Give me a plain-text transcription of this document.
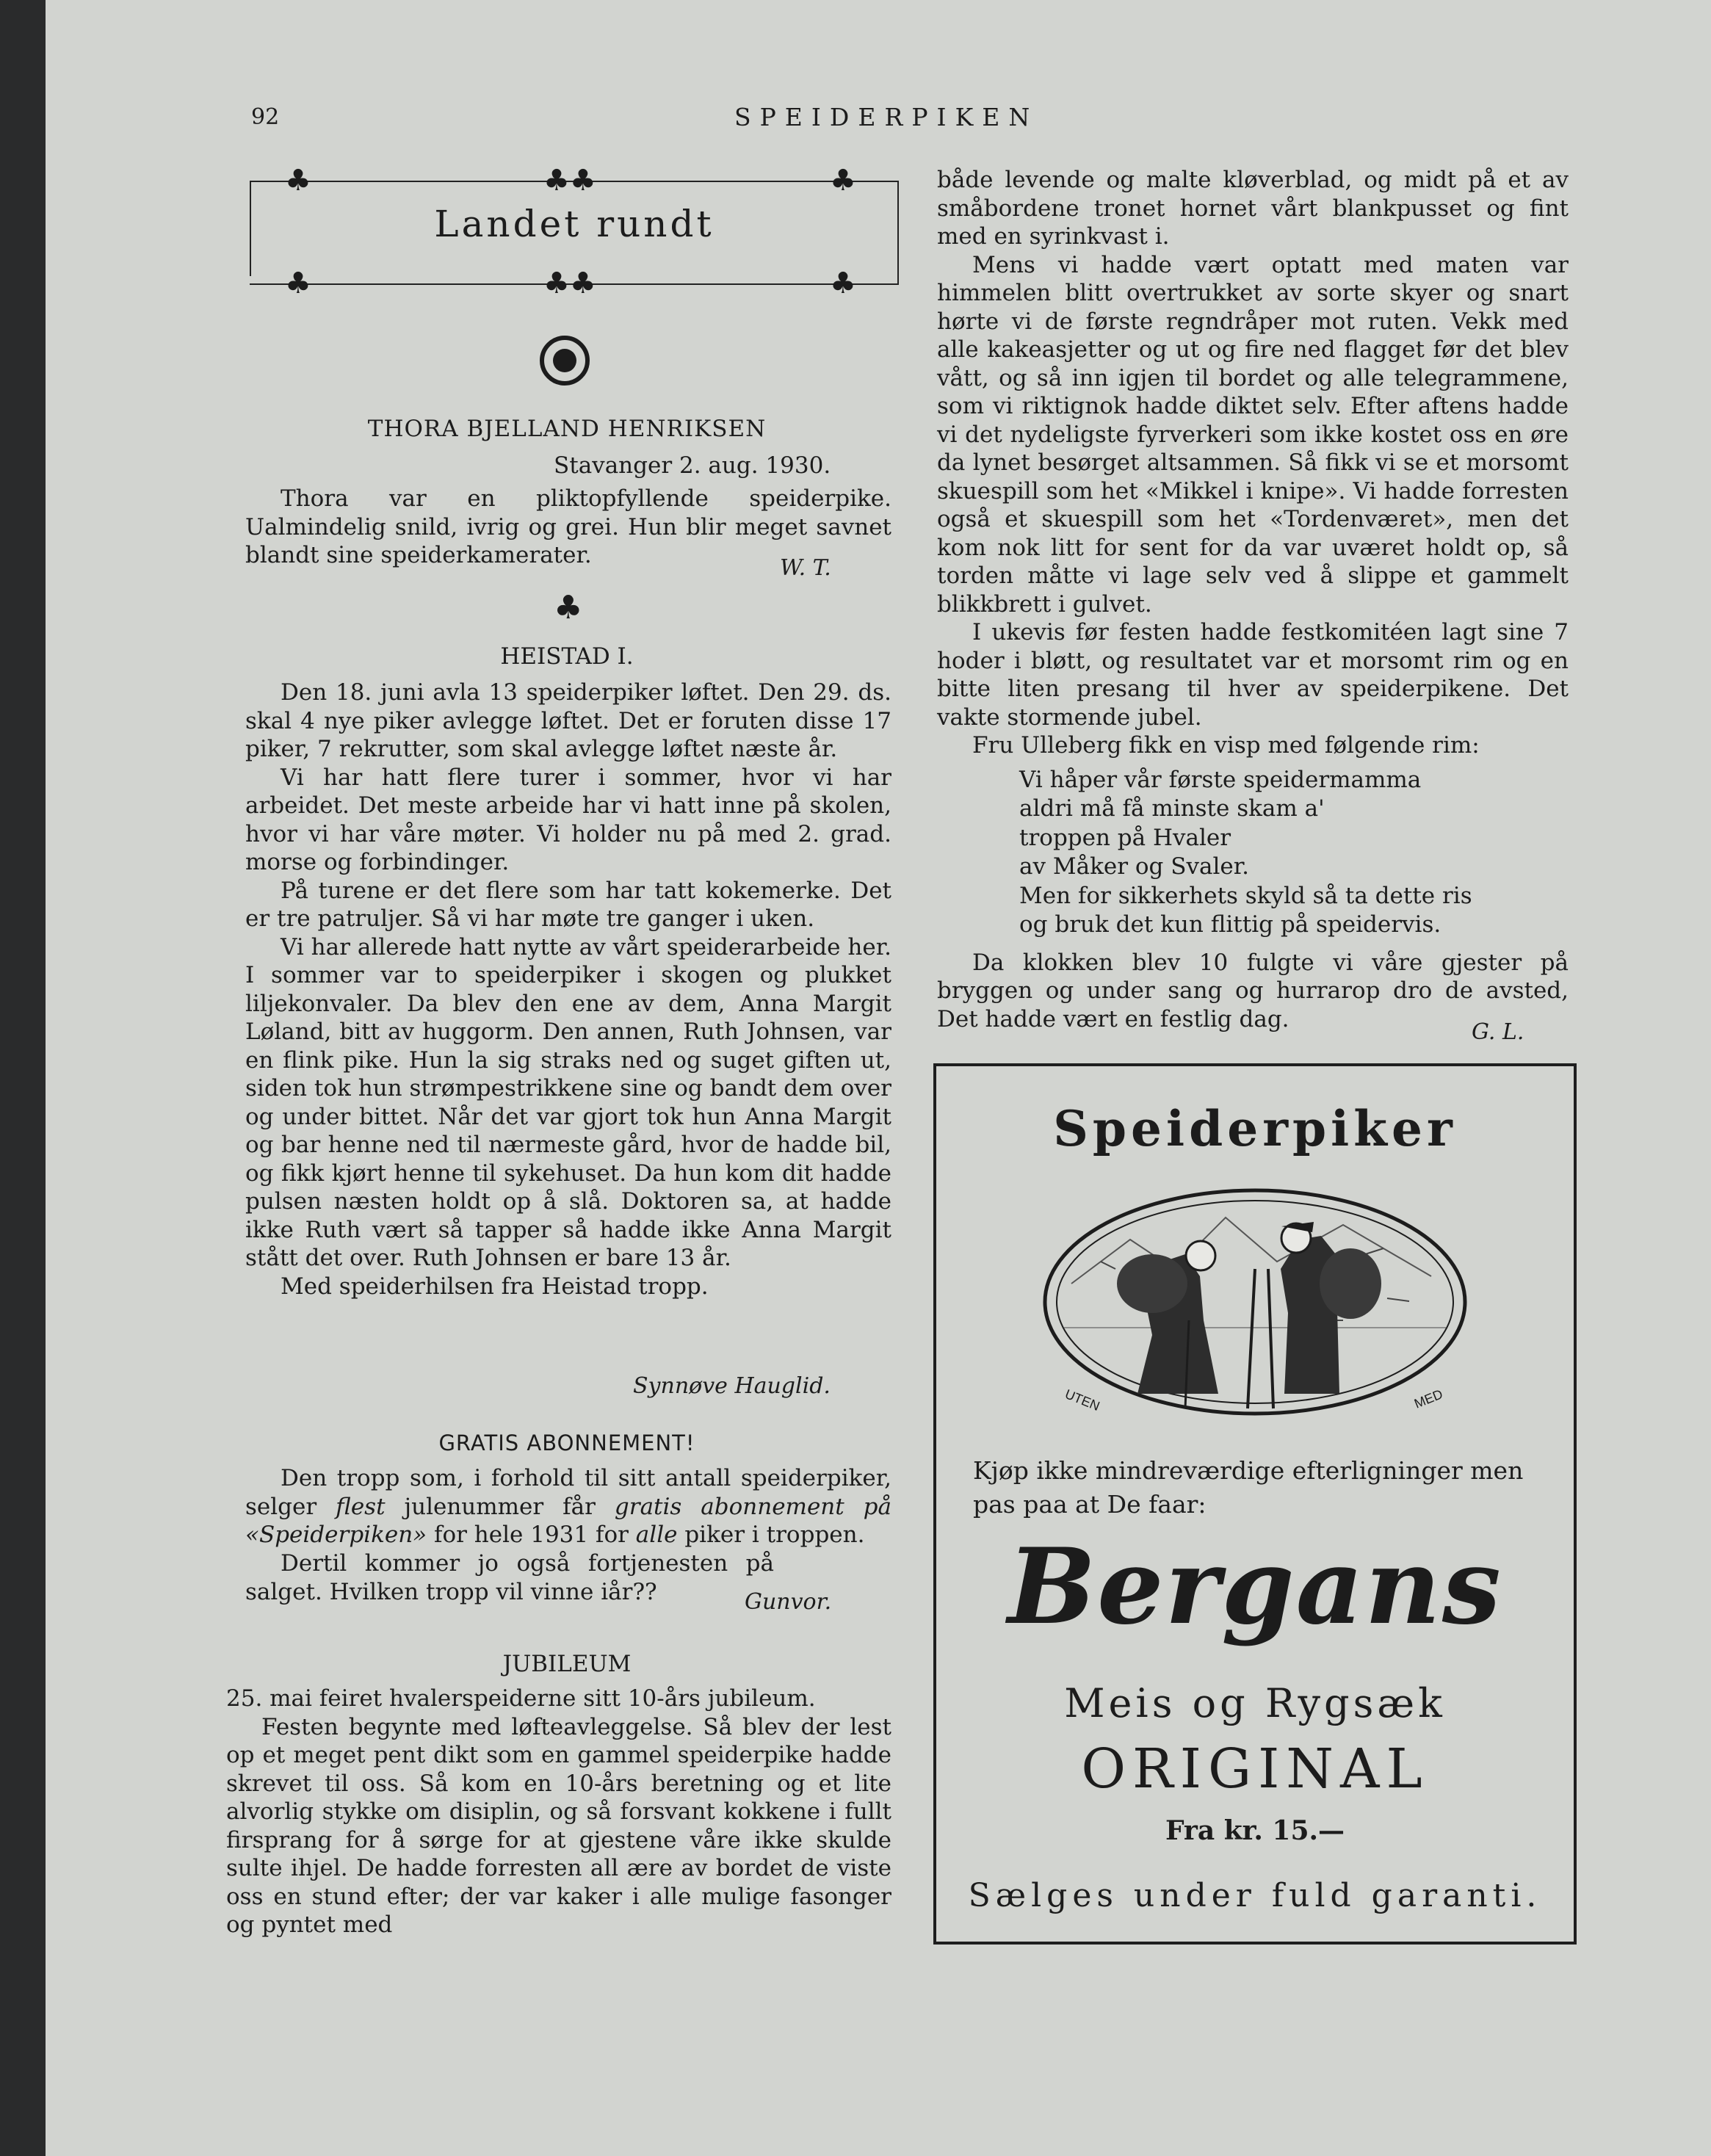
92	SPEIDERPIKEN
♣	♣♣	♣
♣	♣♣	♣
Landet rundt
THORA BJELLAND HENRIKSEN
Stavanger 2. aug. 1930.

Thora var en pliktopfyllende speiderpike. Ualmindelig snild, ivrig og grei. Hun blir meget savnet blandt sine speiderkamerater.	W. T.
♣
HEISTAD I.

Den 18. juni avla 13 speiderpiker løftet. Den 29. ds. skal 4 nye piker avlegge løftet. Det er foruten disse 17 piker, 7 rekrutter, som skal avlegge løftet næste år.

Vi har hatt flere turer i sommer, hvor vi har arbeidet. Det meste arbeide har vi hatt inne på skolen, hvor vi har våre møter. Vi holder nu på med 2. grad. morse og forbindinger.

På turene er det flere som har tatt kokemerke. Det er tre patruljer. Så vi har møte tre ganger i uken.

Vi har allerede hatt nytte av vårt speiderarbeide her. I sommer var to speiderpiker i skogen og plukket liljekonvaler. Da blev den ene av dem, Anna Margit Løland, bitt av huggorm. Den annen, Ruth Johnsen, var en flink pike. Hun la sig straks ned og suget giften ut, siden tok hun strømpestrikkene sine og bandt dem over og under bittet. Når det var gjort tok hun Anna Margit og bar henne ned til nærmeste gård, hvor de hadde bil, og fikk kjørt henne til sykehuset. Da hun kom dit hadde pulsen næsten holdt op å slå. Doktoren sa, at hadde ikke Ruth vært så tapper så hadde ikke Anna Margit stått det over. Ruth Johnsen er bare 13 år.

Med speiderhilsen fra Heistad tropp.

Synnøve Hauglid.
GRATIS ABONNEMENT!

Den tropp som, i forhold til sitt antall speiderpiker, selger flest julenummer får gratis abonnement på «Speiderpiken» for hele 1931 for alle piker i troppen.

Dertil kommer jo også fortjenesten på salget. Hvilken tropp vil vinne iår??	Gunvor.
JUBILEUM

25. mai feiret hvalerspeiderne sitt 10-års jubileum.

Festen begynte med løfteavleggelse. Så blev der lest op et meget pent dikt som en gammel speiderpike hadde skrevet til oss. Så kom en 10-års beretning og et lite alvorlig stykke om disiplin, og så forsvant kokkene i fullt firsprang for å sørge for at gjestene våre ikke skulde sulte ihjel. De hadde forresten all ære av bordet de viste oss en stund efter; der var kaker i alle mulige fasonger og pyntet med

både levende og malte kløverblad, og midt på et av småbordene tronet hornet vårt blankpusset og fint med en syrinkvast i.

Mens vi hadde vært optatt med maten var himmelen blitt overtrukket av sorte skyer og snart hørte vi de første regndråper mot ruten. Vekk med alle kakeasjetter og ut og fire ned flagget før det blev vått, og så inn igjen til bordet og alle telegrammene, som vi riktignok hadde diktet selv. Efter aftens hadde vi det nydeligste fyrverkeri som ikke kostet oss en øre da lynet besørget altsammen. Så fikk vi se et morsomt skuespill som het «Mikkel i knipe». Vi hadde forresten også et skuespill som het «Tordenværet», men det kom nok litt for sent for da var uværet holdt op, så torden måtte vi lage selv ved å slippe et gammelt blikkbrett i gulvet.

I ukevis før festen hadde festkomitéen lagt sine 7 hoder i bløtt, og resultatet var et morsomt rim og en bitte liten presang til hver av speiderpikene. Det vakte stormende jubel.

Fru Ulleberg fikk en visp med følgende rim:

Vi håper vår første speidermamma
aldri må få minste skam a'
troppen på Hvaler
av Måker og Svaler.
Men for sikkerhets skyld så ta dette ris
og bruk det kun flittig på speidervis.

Da klokken blev 10 fulgte vi våre gjester på bryggen og under sang og hurrarop dro de avsted, Det hadde vært en festlig dag.	G. L.
Speiderpiker
UTEN	MED

Kjøp ikke mindreværdige efterligninger men pas paa at De faar:

Bergans
Meis og Rygsæk
ORIGINAL
Fra kr. 15.—
Sælges under fuld garanti.
